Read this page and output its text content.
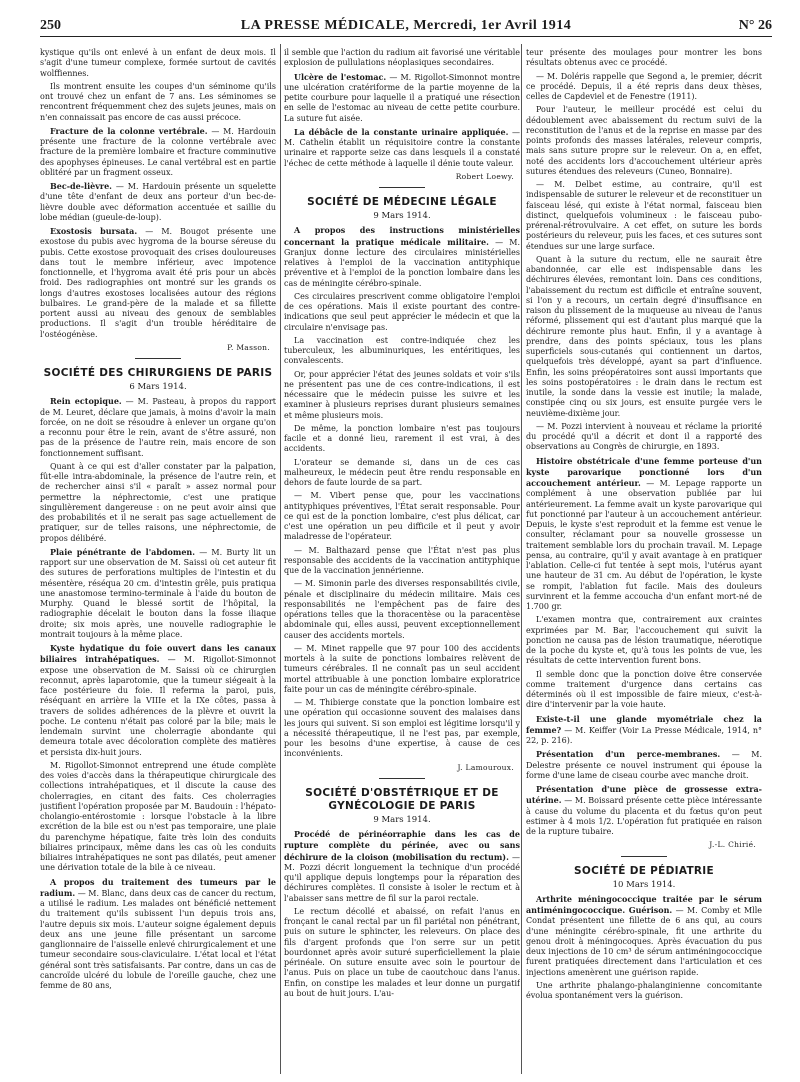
250	LA PRESSE MÉDICALE, Mercredi, 1er Avril 1914	N° 26

kystique qu'ils ont enlevé à un enfant de deux mois. Il s'agit d'une tumeur complexe, formée surtout de cavités wolffiennes.

Ils montrent ensuite les coupes d'un séminome qu'ils ont trouvé chez un enfant de 7 ans. Les séminomes se rencontrent fréquemment chez des sujets jeunes, mais on n'en connaissait pas encore de cas aussi précoce.

Fracture de la colonne vertébrale. — M. Hardouin présente une fracture de la colonne vertébrale avec fracture de la première lombaire et fracture comminutive des apophyses épineuses. Le canal vertébral est en partie oblitéré par un fragment osseux.

Bec-de-lièvre. — M. Hardouin présente un squelette d'une tête d'enfant de deux ans porteur d'un bec-de-lièvre double avec déformation accentuée et saillie du lobe médian (gueule-de-loup).

Exostosis bursata. — M. Bougot présente une exostose du pubis avec hygroma de la bourse séreuse du pubis. Cette exostose provoquait des crises douloureuses dans tout le membre inférieur, avec impotence fonctionnelle, et l'hygroma avait été pris pour un abcès froid. Des radiographies ont montré sur les grands os longs d'autres exostoses localisées autour des régions bulbaires. Le grand-père de la malade et sa fillette portent aussi au niveau des genoux de semblables productions. Il s'agit d'un trouble héréditaire de l'ostéogénèse.

P. Masson.
SOCIÉTÉ DES CHIRURGIENS DE PARIS
6 Mars 1914.

Rein ectopique. — M. Pasteau, à propos du rapport de M. Leuret, déclare que jamais, à moins d'avoir la main forcée, on ne doit se résoudre à enlever un organe qu'on a reconnu pour être le rein, avant de s'être assuré, non pas de la présence de l'autre rein, mais encore de son fonctionnement suffisant.

Quant à ce qui est d'aller constater par la palpation, fût-elle intra-abdominale, la présence de l'autre rein, et de rechercher ainsi s'il « paraît » assez normal pour permettre la néphrectomie, c'est une pratique singulièrement dangereuse : on ne peut avoir ainsi que des probabilités et il ne serait pas sage actuellement de pratiquer, sur de telles raisons, une néphrectomie, de propos délibéré.

Plaie pénétrante de l'abdomen. — M. Burty lit un rapport sur une observation de M. Saissi où cet auteur fit des sutures de perforations multiples de l'intestin et du mésentère, réséqua 20 cm. d'intestin grêle, puis pratiqua une anastomose termino-terminale à l'aide du bouton de Murphy. Quand le blessé sortit de l'hôpital, la radiographie décelait le bouton dans la fosse iliaque droite; six mois après, une nouvelle radiographie le montrait toujours à la même place.

Kyste hydatique du foie ouvert dans les canaux biliaires intrahépatiques. — M. Rigollot-Simonnot expose une observation de M. Saissi où ce chirurgien reconnut, après laparotomie, que la tumeur siégeait à la face postérieure du foie. Il referma la paroi, puis, réséquant en arrière la VIIIe et la IXe côtes, passa à travers de solides adhérences de la plèvre et ouvrit la poche. Le contenu n'était pas coloré par la bile; mais le lendemain survint une cholerragie abondante qui demeura totale avec décoloration complète des matières et persista dix-huit jours.

M. Rigollot-Simonnot entreprend une étude complète des voies d'accès dans la thérapeutique chirurgicale des collections intrahépatiques, et il discute la cause des cholerragies, en citant des faits. Ces cholerragies justifient l'opération proposée par M. Baudouin : l'hépato-cholangio-entérostomie : lorsque l'obstacle à la libre excrétion de la bile est ou n'est pas temporaire, une plaie du parenchyme hépatique, faite très loin des conduits biliaires principaux, même dans les cas où les conduits biliaires intrahépatiques ne sont pas dilatés, peut amener une dérivation totale de la bile à ce niveau.

A propos du traitement des tumeurs par le radium. — M. Blanc, dans deux cas de cancer du rectum, a utilisé le radium. Les malades ont bénéficié nettement du traitement qu'ils subissent l'un depuis trois ans, l'autre depuis six mois. L'auteur soigne également depuis deux ans une jeune fille présentant un sarcome ganglionnaire de l'aisselle enlevé chirurgicalement et une tumeur secondaire sous-claviculaire. L'état local et l'état général sont très satisfaisants. Par contre, dans un cas de cancroïde ulcéré du lobule de l'oreille gauche, chez une femme de 80 ans,

il semble que l'action du radium ait favorisé une véritable explosion de pullulations néoplasiques secondaires.

Ulcère de l'estomac. — M. Rigollot-Simonnot montre une ulcération cratériforme de la partie moyenne de la petite courbure pour laquelle il a pratiqué une résection en selle de l'estomac au niveau de cette petite courbure. La suture fut aisée.

La débâcle de la constante urinaire appliquée. — M. Cathelin établit un réquisitoire contre la constante urinaire et rapporte seize cas dans lesquels il a constaté l'échec de cette méthode à laquelle il dénie toute valeur.

Robert Loewy.
SOCIÉTÉ DE MÉDECINE LÉGALE
9 Mars 1914.

A propos des instructions ministérielles concernant la pratique médicale militaire. — M. Granjux donne lecture des circulaires ministérielles relatives à l'emploi de la vaccination antityphique préventive et à l'emploi de la ponction lombaire dans les cas de méningite cérébro-spinale.

Ces circulaires prescrivent comme obligatoire l'emploi de ces opérations. Mais il existe pourtant des contre-indications que seul peut apprécier le médecin et que la circulaire n'envisage pas.

La vaccination est contre-indiquée chez les tuberculeux, les albuminuriques, les entéritiques, les convalescents.

Or, pour apprécier l'état des jeunes soldats et voir s'ils ne présentent pas une de ces contre-indications, il est nécessaire que le médecin puisse les suivre et les examiner à plusieurs reprises durant plusieurs semaines et même plusieurs mois.

De même, la ponction lombaire n'est pas toujours facile et a donné lieu, rarement il est vrai, à des accidents.

L'orateur se demande si, dans un de ces cas malheureux, le médecin peut être rendu responsable en dehors de faute lourde de sa part.

— M. Vibert pense que, pour les vaccinations antityphiques préventives, l'État serait responsable. Pour ce qui est de la ponction lombaire, c'est plus délicat, car c'est une opération un peu difficile et il peut y avoir maladresse de l'opérateur.

— M. Balthazard pense que l'État n'est pas plus responsable des accidents de la vaccination antityphique que de la vaccination jennérienne.

— M. Simonin parle des diverses responsabilités civile, pénale et disciplinaire du médecin militaire. Mais ces responsabilités ne l'empêchent pas de faire des opérations telles que la thoracentèse ou la paracentèse abdominale qui, elles aussi, peuvent exceptionnellement causer des accidents mortels.

— M. Minet rappelle que 97 pour 100 des accidents mortels à la suite de ponctions lombaires relèvent de tumeurs cérébrales. Il ne connaît pas un seul accident mortel attribuable à une ponction lombaire exploratrice faite pour un cas de méningite cérébro-spinale.

— M. Thibierge constate que la ponction lombaire est une opération qui occasionne souvent des malaises dans les jours qui suivent. Si son emploi est légitime lorsqu'il y a nécessité thérapeutique, il ne l'est pas, par exemple, pour les besoins d'une expertise, à cause de ces inconvénients.

J. Lamouroux.
SOCIÉTÉ D'OBSTÉTRIQUE ET DE GYNÉCOLOGIE DE PARIS
9 Mars 1914.

Procédé de périnéorraphie dans les cas de rupture complète du périnée, avec ou sans déchirure de la cloison (mobilisation du rectum). — M. Pozzi décrit longuement la technique d'un procédé qu'il applique depuis longtemps pour la réparation des déchirures complètes. Il consiste à isoler le rectum et à l'abaisser sans mettre de fil sur la paroi rectale.

Le rectum décollé et abaissé, on refait l'anus en fronçant le canal rectal par un fil pariétal non pénétrant, puis on suture le sphincter, les releveurs. On place des fils d'argent profonds que l'on serre sur un petit bourdonnet après avoir suturé superficiellement la plaie périnéale. On suture ensuite avec soin le pourtour de l'anus. Puis on place un tube de caoutchouc dans l'anus. Enfin, on constipe les malades et leur donne un purgatif au bout de huit jours. L'au-

teur présente des moulages pour montrer les bons résultats obtenus avec ce procédé.

— M. Doléris rappelle que Segond a, le premier, décrit ce procédé. Depuis, il a été repris dans deux thèses, celles de Capdeviel et de Fenestre (1911).

Pour l'auteur, le meilleur procédé est celui du dédoublement avec abaissement du rectum suivi de la reconstitution de l'anus et de la reprise en masse par des points profonds des masses latérales, releveur compris, mais sans suture propre sur le releveur. On a, en effet, noté des accidents lors d'accouchement ultérieur après sutures étendues des releveurs (Cuneo, Bonnaire).

— M. Delbet estime, au contraire, qu'il est indispensable de suturer le releveur et de reconstituer un faisceau lésé, qui existe à l'état normal, faisceau bien distinct, quelquefois volumineux : le faisceau pubo-prérenal-rétrovulvaire. A cet effet, on suture les bords postérieurs du releveur, puis les faces, et ces sutures sont étendues sur une large surface.

Quant à la suture du rectum, elle ne saurait être abandonnée, car elle est indispensable dans les déchirures élevées, remontant loin. Dans ces conditions, l'abaissement du rectum est difficile et entraîne souvent, si l'on y a recours, un certain degré d'insuffisance en raison du plissement de la muqueuse au niveau de l'anus réformé, plissement qui est d'autant plus marqué que la déchirure remonte plus haut. Enfin, il y a avantage à prendre, dans des points spéciaux, tous les plans superficiels sous-cutanés qui contiennent un dartos, quelquefois très développé, ayant sa part d'influence. Enfin, les soins préopératoires sont aussi importants que les soins postopératoires : le drain dans le rectum est inutile, la sonde dans la vessie est inutile; la malade, constipée cinq ou six jours, est ensuite purgée vers le neuvième-dixième jour.

— M. Pozzi intervient à nouveau et réclame la priorité du procédé qu'il a décrit et dont il a rapporté des observations au Congrès de chirurgie, en 1893.

Histoire obstétricale d'une femme porteuse d'un kyste parovarique ponctionné lors d'un accouchement antérieur. — M. Lepage rapporte un complément à une observation publiée par lui antérieurement. La femme avait un kyste parovarique qui fut ponctionné par l'auteur à un accouchement antérieur. Depuis, le kyste s'est reproduit et la femme est venue le consulter, réclamant pour sa nouvelle grossesse un traitement semblable lors du prochain travail. M. Lepage pensa, au contraire, qu'il y avait avantage à en pratiquer l'ablation. Celle-ci fut tentée à sept mois, l'utérus ayant une hauteur de 31 cm. Au début de l'opération, le kyste se rompit, l'ablation fut facile. Mais des douleurs survinrent et la femme accoucha d'un enfant mort-né de 1.700 gr.

L'examen montra que, contrairement aux craintes exprimées par M. Bar, l'accouchement qui suivit la ponction ne causa pas de lésion traumatique, néerotique de la poche du kyste et, qu'à tous les points de vue, les résultats de cette intervention furent bons.

Il semble donc que la ponction doive être conservée comme traitement d'urgence dans certains cas déterminés où il est impossible de faire mieux, c'est-à-dire d'intervenir par la voie haute.

Existe-t-il une glande myométriale chez la femme? — M. Keiffer (Voir La Presse Médicale, 1914, n° 22, p. 216).

Présentation d'un perce-membranes. — M. Delestre présente ce nouvel instrument qui épouse la forme d'une lame de ciseau courbe avec manche droit.

Présentation d'une pièce de grossesse extra-utérine. — M. Boissard présente cette pièce intéressante à cause du volume du placenta et du fœtus qu'on peut estimer à 4 mois 1/2. L'opération fut pratiquée en raison de la rupture tubaire.

J.-L. Chirié.
SOCIÉTÉ DE PÉDIATRIE
10 Mars 1914.

Arthrite méningococcique traitée par le sérum antiméningococcique. Guérison. — M. Comby et Mlle Condat présentent une fillette de 6 ans qui, au cours d'une méningite cérébro-spinale, fit une arthrite du genou droit à méningocoques. Après évacuation du pus deux injections de 10 cm³ de sérum antiméningococcique furent pratiquées directement dans l'articulation et ces injections amenèrent une guérison rapide.

Une arthrite phalango-phalanginienne concomitante évolua spontanément vers la guérison.
